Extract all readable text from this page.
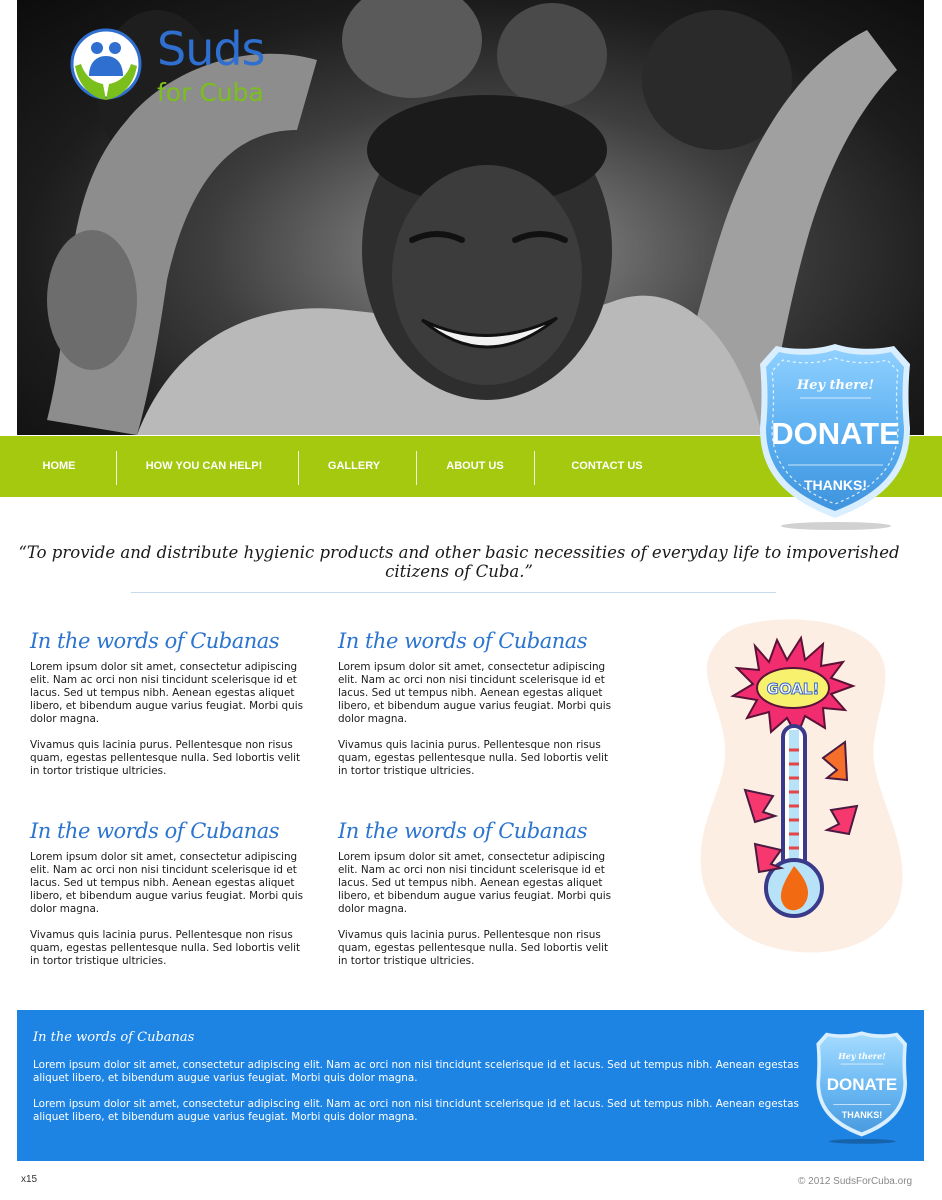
Suds
for Cuba
HOME	HOW YOU CAN HELP!	GALLERY	ABOUT US	CONTACT US
Hey there!
DONATE
THANKS!
“To provide and distribute hygienic products and other basic necessities of everyday life to impoverished citizens of Cuba.”
In the words of Cubanas

Lorem ipsum dolor sit amet, consectetur adipiscing elit. Nam ac orci non nisi tincidunt scelerisque id et lacus. Sed ut tempus nibh. Aenean egestas aliquet libero, et bibendum augue varius feugiat. Morbi quis dolor magna.

Vivamus quis lacinia purus. Pellentesque non risus quam, egestas pellentesque nulla. Sed lobortis velit in tortor tristique ultricies.

In the words of Cubanas

Lorem ipsum dolor sit amet, consectetur adipiscing elit. Nam ac orci non nisi tincidunt scelerisque id et lacus. Sed ut tempus nibh. Aenean egestas aliquet libero, et bibendum augue varius feugiat. Morbi quis dolor magna.

Vivamus quis lacinia purus. Pellentesque non risus quam, egestas pellentesque nulla. Sed lobortis velit in tortor tristique ultricies.

In the words of Cubanas

Lorem ipsum dolor sit amet, consectetur adipiscing elit. Nam ac orci non nisi tincidunt scelerisque id et lacus. Sed ut tempus nibh. Aenean egestas aliquet libero, et bibendum augue varius feugiat. Morbi quis dolor magna.

Vivamus quis lacinia purus. Pellentesque non risus quam, egestas pellentesque nulla. Sed lobortis velit in tortor tristique ultricies.

In the words of Cubanas

Lorem ipsum dolor sit amet, consectetur adipiscing elit. Nam ac orci non nisi tincidunt scelerisque id et lacus. Sed ut tempus nibh. Aenean egestas aliquet libero, et bibendum augue varius feugiat. Morbi quis dolor magna.

Vivamus quis lacinia purus. Pellentesque non risus quam, egestas pellentesque nulla. Sed lobortis velit in tortor tristique ultricies.

GOAL!
In the words of Cubanas

Lorem ipsum dolor sit amet, consectetur adipiscing elit. Nam ac orci non nisi tincidunt scelerisque id et lacus. Sed ut tempus nibh. Aenean egestas aliquet libero, et bibendum augue varius feugiat. Morbi quis dolor magna.

Lorem ipsum dolor sit amet, consectetur adipiscing elit. Nam ac orci non nisi tincidunt scelerisque id et lacus. Sed ut tempus nibh. Aenean egestas aliquet libero, et bibendum augue varius feugiat. Morbi quis dolor magna.

Hey there!
DONATE
THANKS!
x15	© 2012 SudsForCuba.org
